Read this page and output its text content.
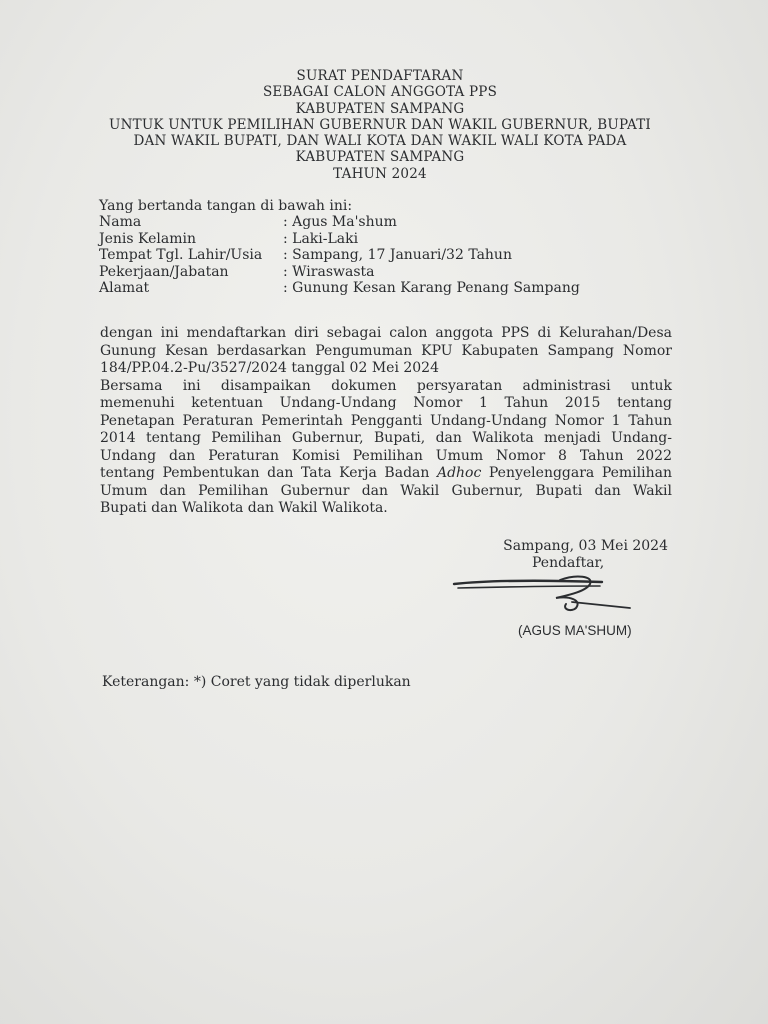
SURAT PENDAFTARAN
SEBAGAI CALON ANGGOTA PPS
KABUPATEN SAMPANG
UNTUK UNTUK PEMILIHAN GUBERNUR DAN WAKIL GUBERNUR, BUPATI
DAN WAKIL BUPATI, DAN WALI KOTA DAN WAKIL WALI KOTA PADA
KABUPATEN SAMPANG
TAHUN 2024
Yang bertanda tangan di bawah ini:
Nama	: Agus Ma'shum
Jenis Kelamin	: Laki-Laki
Tempat Tgl. Lahir/Usia	: Sampang, 17 Januari/32 Tahun
Pekerjaan/Jabatan	: Wiraswasta
Alamat	: Gunung Kesan Karang Penang Sampang

dengan ini mendaftarkan diri sebagai calon anggota PPS di Kelurahan/Desa

Gunung Kesan berdasarkan Pengumuman KPU Kabupaten Sampang Nomor

184/PP.04.2-Pu/3527/2024 tanggal 02 Mei 2024

Bersama ini disampaikan dokumen persyaratan administrasi untuk

memenuhi ketentuan Undang-Undang Nomor 1 Tahun 2015 tentang

Penetapan Peraturan Pemerintah Pengganti Undang-Undang Nomor 1 Tahun

2014 tentang Pemilihan Gubernur, Bupati, dan Walikota menjadi Undang-

Undang dan Peraturan Komisi Pemilihan Umum Nomor 8 Tahun 2022

tentang Pembentukan dan Tata Kerja Badan Adhoc Penyelenggara Pemilihan

Umum dan Pemilihan Gubernur dan Wakil Gubernur, Bupati dan Wakil

Bupati dan Walikota dan Wakil Walikota.

Sampang, 03 Mei 2024
Pendaftar,
(AGUS MA'SHUM)
Keterangan: *) Coret yang tidak diperlukan
